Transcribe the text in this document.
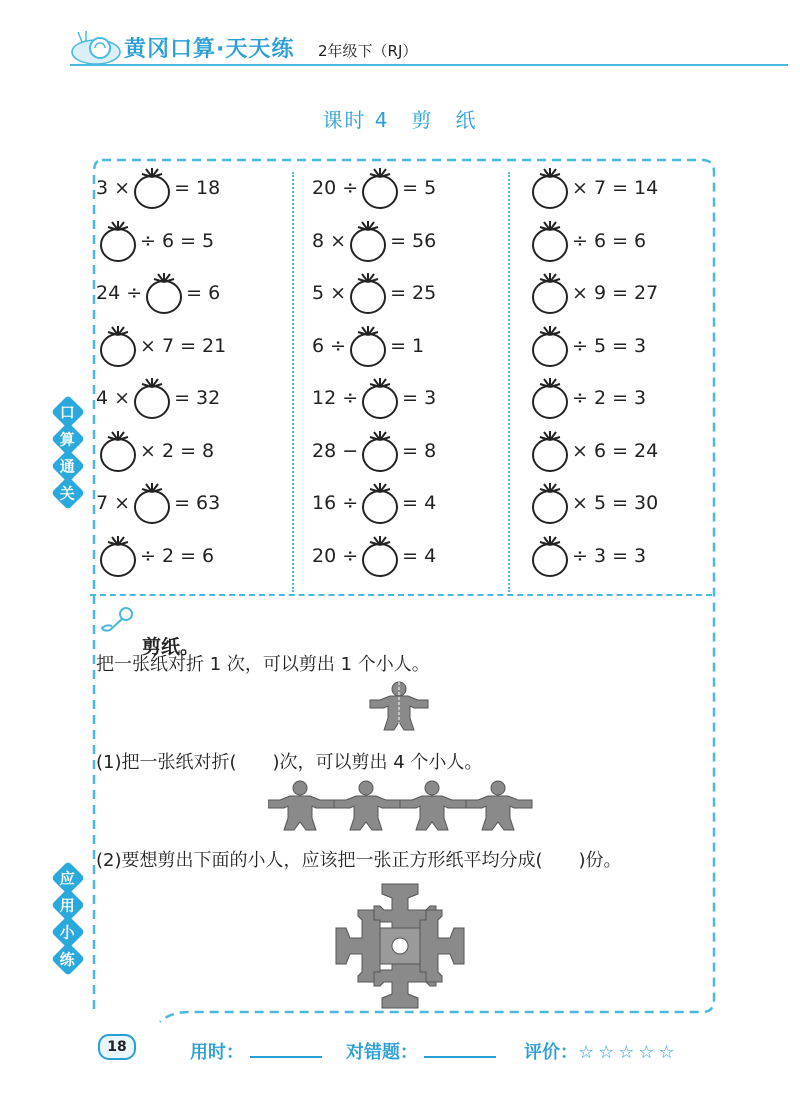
黄冈口算·天天练 2年级下（RJ）
课时 4　剪　纸
口
算
通
关
应
用
小
练
3 × = 18
÷ 6 = 5
24 ÷ = 6
× 7 = 21
4 × = 32
× 2 = 8
7 × = 63
÷ 2 = 6
20 ÷ = 5
8 × = 56
5 × = 25
6 ÷ = 1
12 ÷ = 3
28 − = 8
16 ÷ = 4
20 ÷ = 4
× 7 = 14
÷ 6 = 6
× 9 = 27
÷ 5 = 3
÷ 2 = 3
× 6 = 24
× 5 = 30
÷ 3 = 3
剪纸。
把一张纸对折 1 次，可以剪出 1 个小人。
(1)把一张纸对折(　　)次，可以剪出 4 个小人。
(2)要想剪出下面的小人，应该把一张正方形纸平均分成(　　)份。
18	用时：	对错题：	评价：☆☆☆☆☆
